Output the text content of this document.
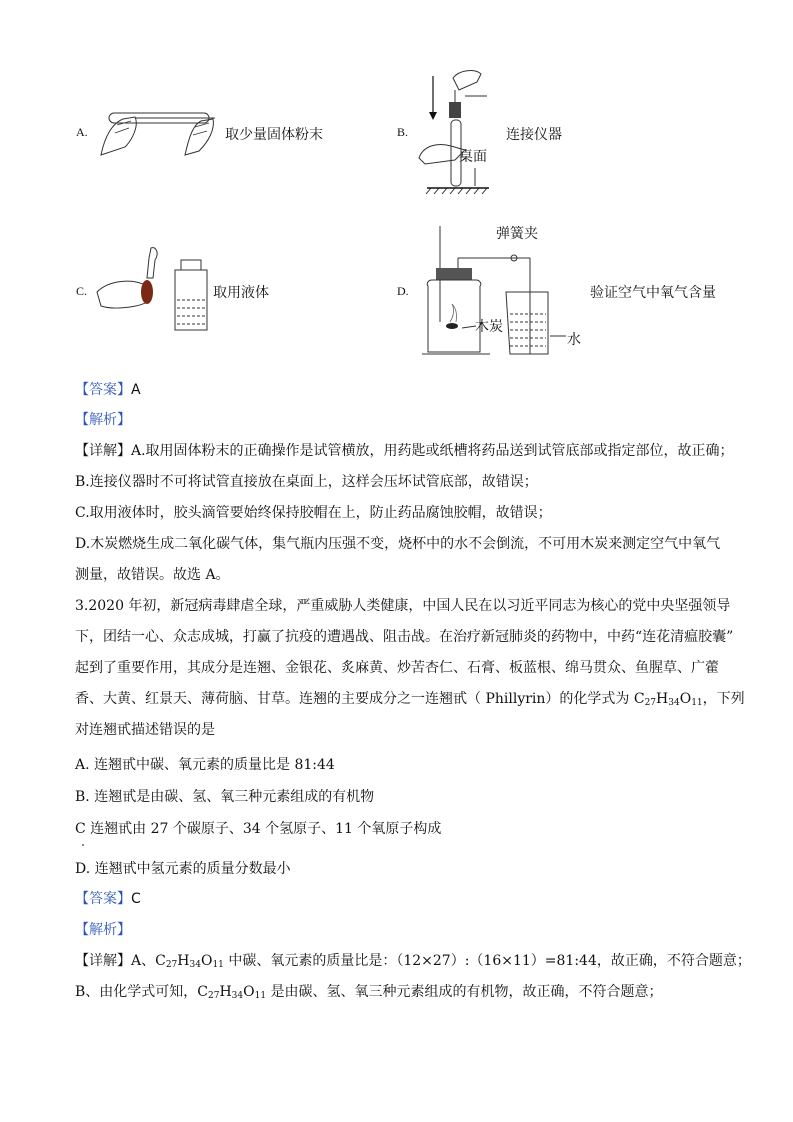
A.	取少量固体粉末	B.
桌面
连接仪器
C.	取用液体	D.
弹簧夹
木炭
水
验证空气中氧气含量
【答案】A
【解析】
【详解】A.取用固体粉末的正确操作是试管横放，用药匙或纸槽将药品送到试管底部或指定部位，故正确；
B.连接仪器时不可将试管直接放在桌面上，这样会压坏试管底部，故错误；
C.取用液体时，胶头滴管要始终保持胶帽在上，防止药品腐蚀胶帽，故错误；
D.木炭燃烧生成二氧化碳气体，集气瓶内压强不变，烧杯中的水不会倒流，不可用木炭来测定空气中氧气
测量，故错误。故选 A。
3.2020 年初，新冠病毒肆虐全球，严重威胁人类健康，中国人民在以习近平同志为核心的党中央坚强领导
下，团结一心、众志成城，打赢了抗疫的遭遇战、阻击战。在治疗新冠肺炎的药物中，中药“连花清瘟胶囊”
起到了重要作用，其成分是连翘、金银花、炙麻黄、炒苦杏仁、石膏、板蓝根、绵马贯众、鱼腥草、广藿
香、大黄、红景天、薄荷脑、甘草。连翘的主要成分之一连翘甙（ Phillyrin）的化学式为 $C_{27}H_{34}O_{11}$，下列
对连翘甙描述错误的是
A. 连翘甙中碳、氧元素的质量比是 81:44
B. 连翘甙是由碳、氢、氧三种元素组成的有机物
C 连翘甙由 27 个碳原子、34 个氢原子、11 个氧原子构成
D. 连翘甙中氢元素的质量分数最小
【答案】C
【解析】
【详解】A、$C_{27}H_{34}O_{11}$ 中碳、氧元素的质量比是：（12×27）:（16×11）=81:44，故正确，不符合题意；
B、由化学式可知，$C_{27}H_{34}O_{11}$ 是由碳、氢、氧三种元素组成的有机物，故正确，不符合题意；
